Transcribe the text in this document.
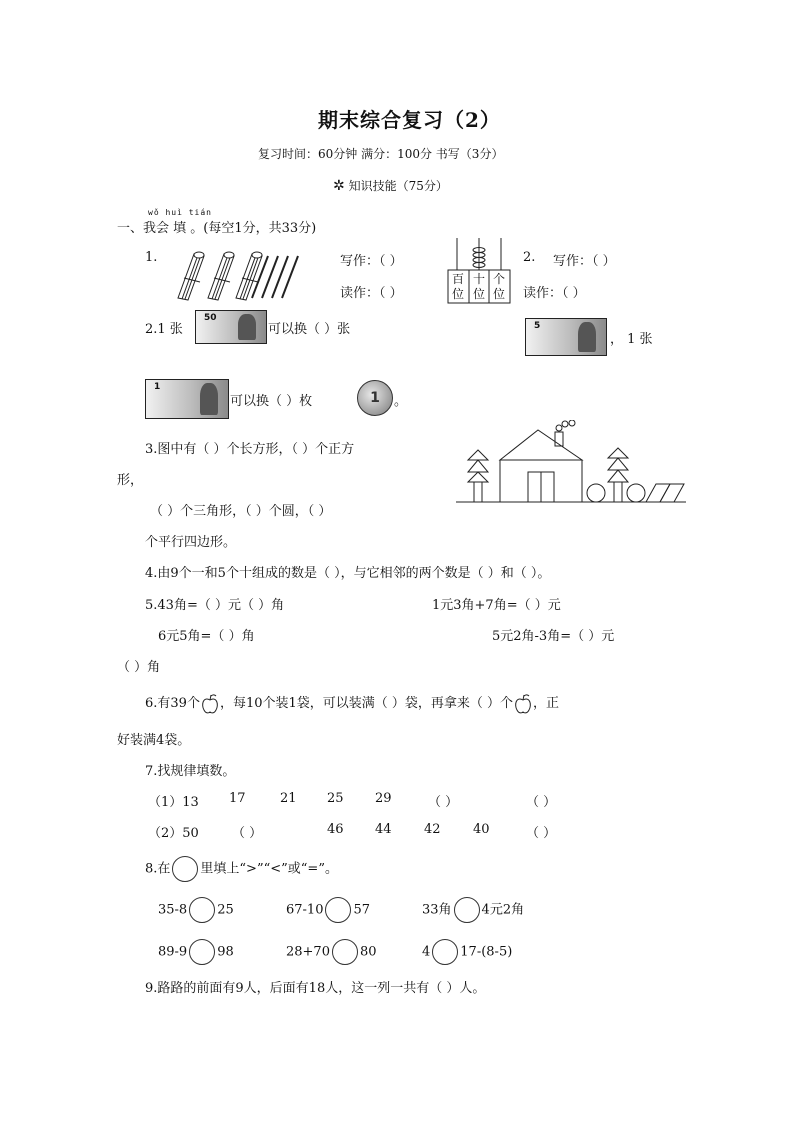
期末综合复习（2）
复习时间：60分钟 满分：100分 书写（3分）
✲ 知识技能（75分）
wǒ huì tián
一、我会 填 。(每空1分，共33分)
1.	写作：（ ）
读作：（ ）
百
位
十
位
个
位
2. 写作：（ ）
读作：（ ）
2.1 张
50
可以换（ ）张	5
， 1 张
1
可以换（ ）枚	1	。
3.图中有（ ）个长方形，（ ）个正方
形，
（ ）个三角形，（ ）个圆，（ ）
个平行四边形。
4.由9个一和5个十组成的数是（ ），与它相邻的两个数是（ ）和（ ）。
5.43角=（ ）元（ ）角	1元3角+7角=（ ）元
6元5角=（ ）角	5元2角-3角=（ ）元
（ ）角
6.有39个 ，每10个装1袋，可以装满（ ）袋，再拿来（ ）个 ，正
好装满4袋。
7.找规律填数。
（1）13 17	21 25 29	（ ）	（ ）
（2）50	（ ）	46 44 42 40	（ ）
8.在 里填上“>”“<”或“=”。
35-8 25	67-10 57	33角 4元2角
89-9 98	28+70 80	4 17-(8-5)
9.路路的前面有9人，后面有18人，这一列一共有（ ）人。
